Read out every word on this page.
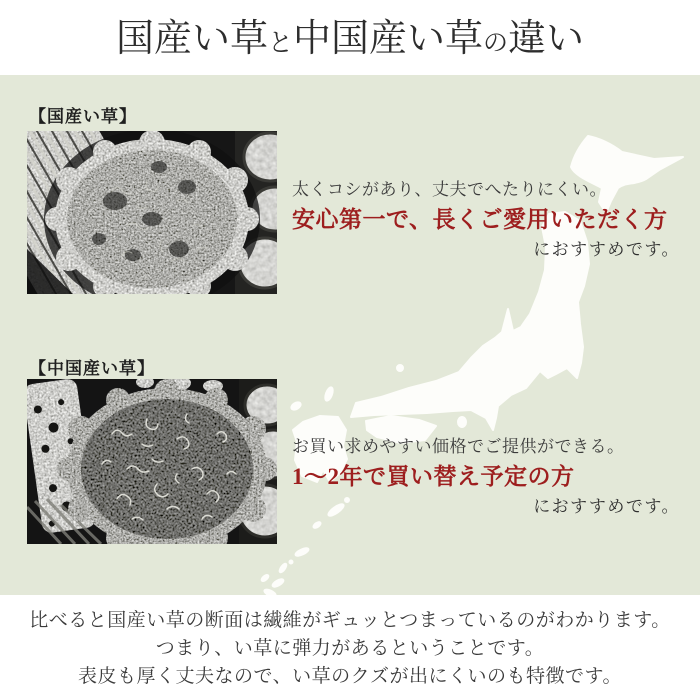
国産い草と中国産い草の違い
【国産い草】
太くコシがあり、丈夫でへたりにくい。
安心第一で、長くご愛用いただく方
におすすめです。
【中国産い草】
お買い求めやすい価格でご提供ができる。
1〜2年で買い替え予定の方
におすすめです。
比べると国産い草の断面は繊維がギュッとつまっているのがわかります。
つまり、い草に弾力があるということです。
表皮も厚く丈夫なので、い草のクズが出にくいのも特徴です。
